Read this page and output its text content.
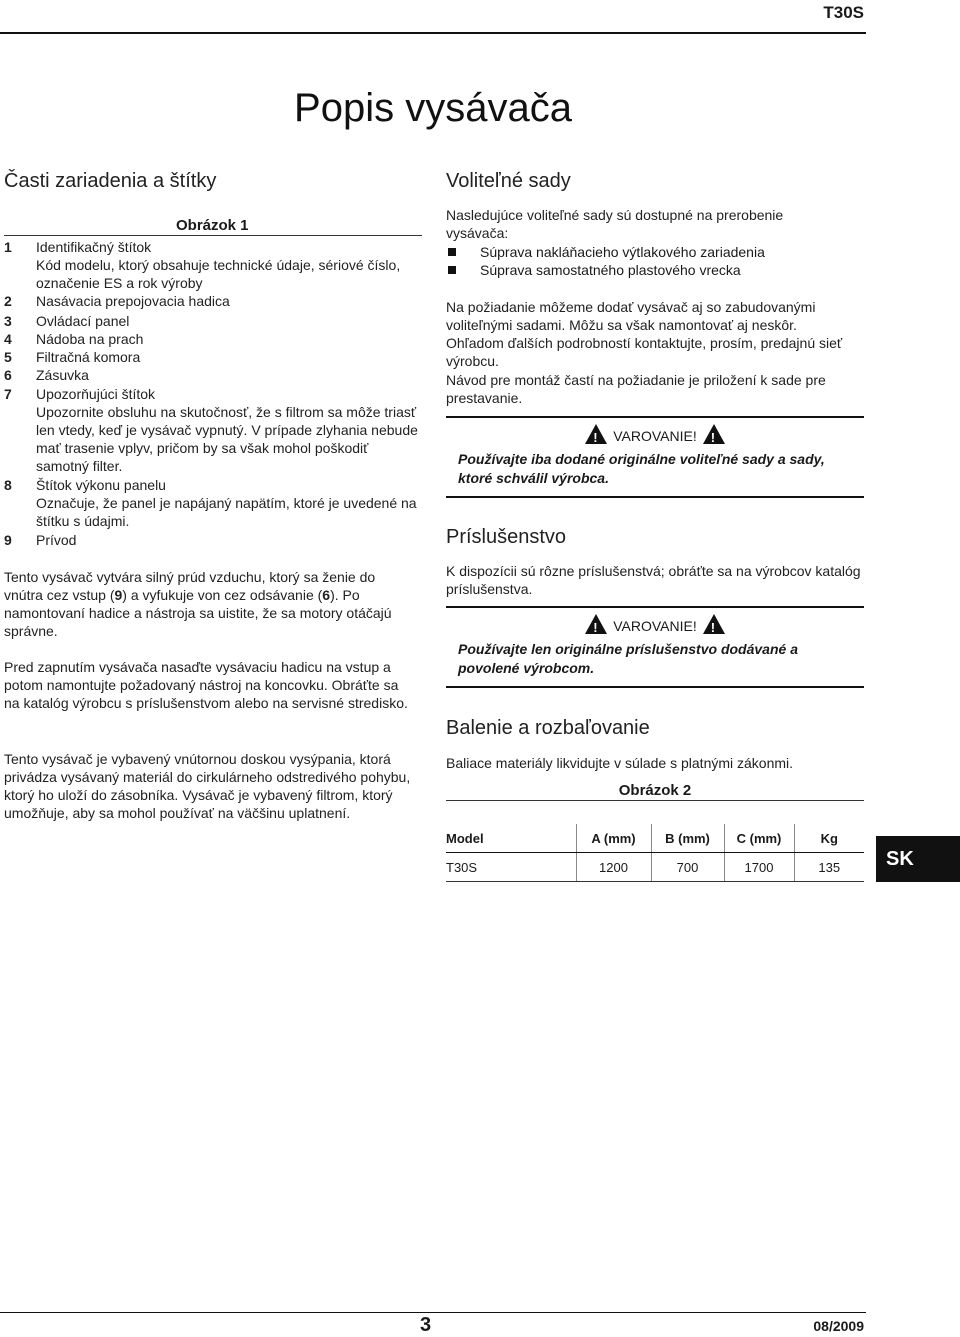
T30S
Popis vysávača
Časti zariadenia a štítky
Obrázok 1
1 Identifikačný štítok
Kód modelu, ktorý obsahuje technické údaje, sériové číslo, označenie ES a rok výroby
2 Nasávacia prepojovacia hadica
3 Ovládací panel
4 Nádoba na prach
5 Filtračná komora
6 Zásuvka
7 Upozorňujúci štítok
Upozornite obsluhu na skutočnosť, že s filtrom sa môže triasť len vtedy, keď je vysávač vypnutý. V prípade zlyhania nebude mať trasenie vplyv, pričom by sa však mohol poškodiť samotný filter.
8 Štítok výkonu panelu
Označuje, že panel je napájaný napätím, ktoré je uvedené na štítku s údajmi.
9 Prívod
Tento vysávač vytvára silný prúd vzduchu, ktorý sa ženie do vnútra cez vstup (9) a vyfukuje von cez odsávanie (6). Po namontovaní hadice a nástroja sa uistite, že sa motory otáčajú správne.
Pred zapnutím vysávača nasaďte vysávaciu hadicu na vstup a potom namontujte požadovaný nástroj na koncovku. Obráťte sa na katalóg výrobcu s príslušenstvom alebo na servisné stredisko.
Tento vysávač je vybavený vnútornou doskou vysýpania, ktorá privádza vysávaný materiál do cirkulárneho odstredivého pohybu, ktorý ho uloží do zásobníka. Vysávač je vybavený filtrom, ktorý umožňuje, aby sa mohol používať na väčšinu uplatnení.
Voliteľné sady
Nasledujúce voliteľné sady sú dostupné na prerobenie vysávača:
Súprava nakláňacieho výtlakového zariadenia
Súprava samostatného plastového vrecka
Na požiadanie môžeme dodať vysávač aj so zabudovanými voliteľnými sadami. Môžu sa však namontovať aj neskôr.
Ohľadom ďalších podrobností kontaktujte, prosím, predajnú sieť výrobcu.
Návod pre montáž častí na požiadanie je priložení k sade pre prestavanie.
! VAROVANIE! !
Používajte iba dodané originálne voliteľné sady a sady, ktoré schválil výrobca.
Príslušenstvo
K dispozícii sú rôzne príslušenstvá; obráťte sa na výrobcov katalóg príslušenstva.
! VAROVANIE! !
Používajte len originálne príslušenstvo dodávané a povolené výrobcom.
Balenie a rozbaľovanie
Baliace materiály likvidujte v súlade s platnými zákonmi.
Obrázok 2
Model	A (mm)	B (mm)	C (mm)	Kg
T30S	1200	700	1700	135	SK
3	08/2009
